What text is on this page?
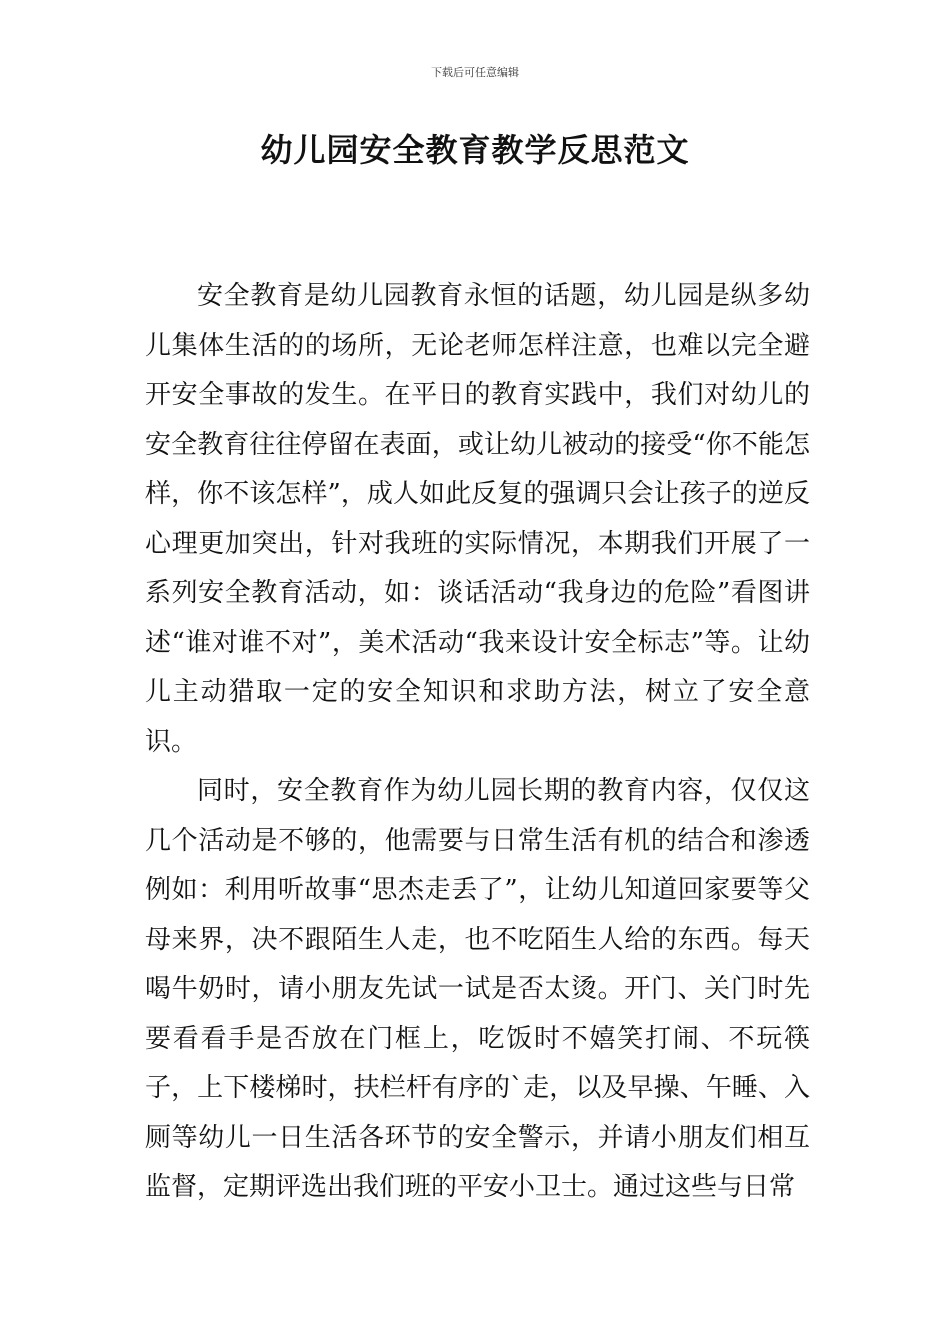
下载后可任意编辑
幼儿园安全教育教学反思范文

安全教育是幼儿园教育永恒的话题，幼儿园是纵多幼儿集体生活的的场所，无论老师怎样注意，也难以完全避开安全事故的发生。在平日的教育实践中，我们对幼儿的安全教育往往停留在表面，或让幼儿被动的接受“你不能怎样，你不该怎样”，成人如此反复的强调只会让孩子的逆反心理更加突出，针对我班的实际情况，本期我们开展了一系列安全教育活动，如：谈话活动“我身边的危险”看图讲述“谁对谁不对”，美术活动“我来设计安全标志”等。让幼儿主动猎取一定的安全知识和求助方法，树立了安全意识。

同时，安全教育作为幼儿园长期的教育内容，仅仅这几个活动是不够的，他需要与日常生活有机的结合和渗透例如：利用听故事“思杰走丢了”，让幼儿知道回家要等父母来界，决不跟陌生人走，也不吃陌生人给的东西。每天喝牛奶时，请小朋友先试一试是否太烫。开门、关门时先要看看手是否放在门框上，吃饭时不嬉笑打闹、不玩筷子，上下楼梯时，扶栏杆有序的`走，以及早操、午睡、入厕等幼儿一日生活各环节的安全警示，并请小朋友们相互监督，定期评选出我们班的平安小卫士。通过这些与日常
